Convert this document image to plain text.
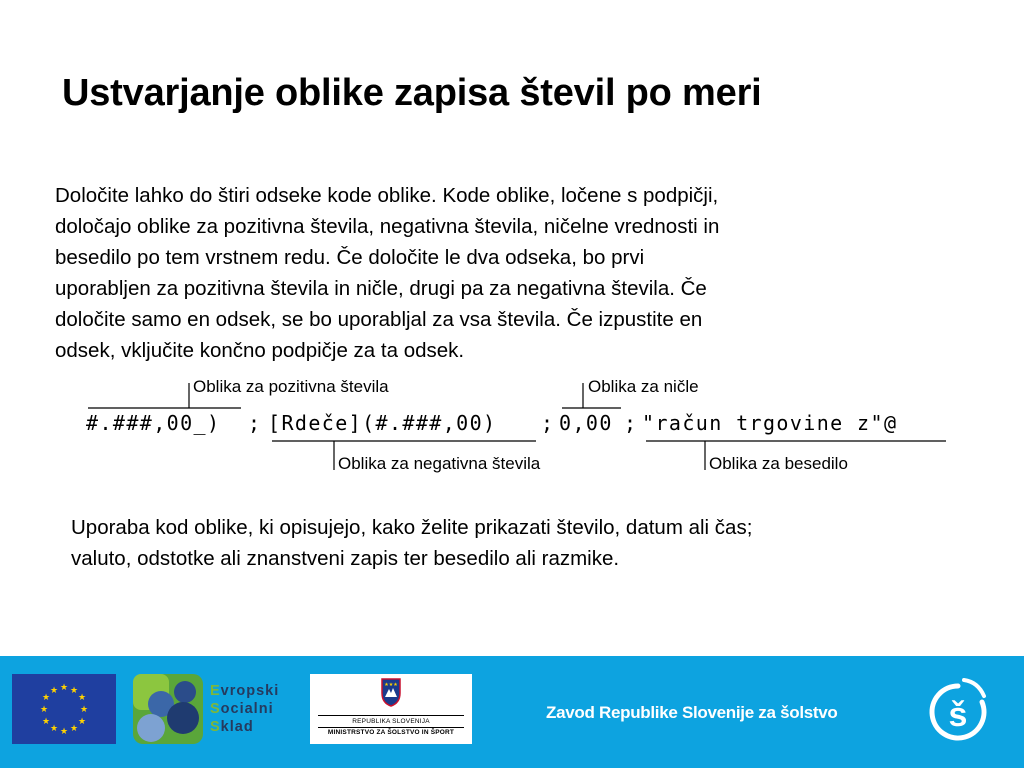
Ustvarjanje oblike zapisa števil po meri
Določite lahko do štiri odseke kode oblike. Kode oblike, ločene s podpičji,
določajo oblike za pozitivna števila, negativna števila, ničelne vrednosti in
besedilo po tem vrstnem redu. Če določite le dva odseka, bo prvi
uporabljen za pozitivna števila in ničle, drugi pa za negativna števila. Če
določite samo en odsek, se bo uporabljal za vsa števila. Če izpustite en
odsek, vključite končno podpičje za ta odsek.
#.###,00_) ; [Rdeče](#.###,00) ; 0,00 ; "račun trgovine z"@
Oblika za pozitivna števila
Oblika za negativna števila
Oblika za ničle
Oblika za besedilo
Uporaba kod oblike, ki opisujejo, kako želite prikazati število, datum ali čas;
valuto, odstotke ali znanstveni zapis ter besedilo ali razmike.
★ ★
★
★
★
★
★
★
★
★
★
★	Evropski
Socialni
Sklad
★★★
REPUBLIKA SLOVENIJA
MINISTRSTVO ZA ŠOLSTVO IN ŠPORT
Zavod Republike Slovenije za šolstvo	š
